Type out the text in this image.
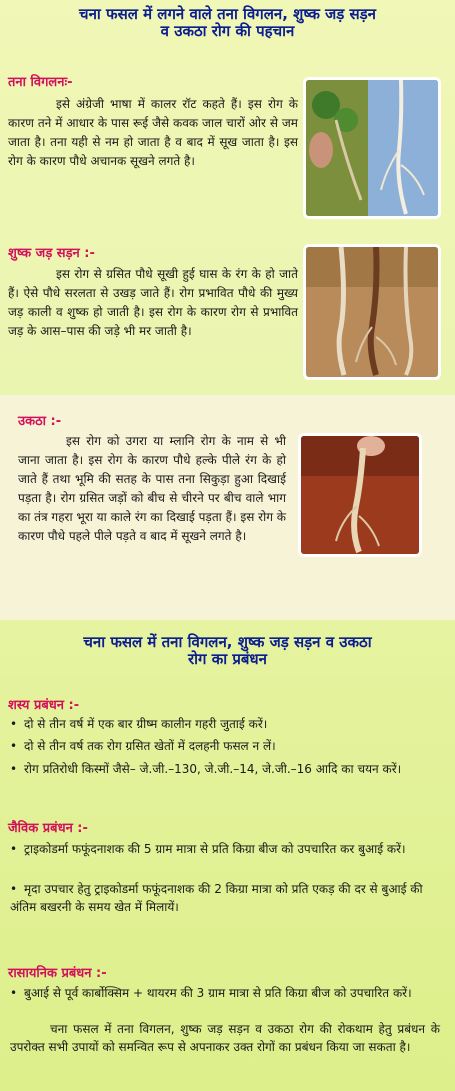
चना फसल में लगने वाले तना विगलन, शुष्क जड़ सड़न
व उकठा रोग की पहचान
तना विगलनः-
इसे अंग्रेजी भाषा में कालर रॉट कहते हैं। इस रोग के कारण तने में आधार के पास रूई जैसे कवक जाल चारों ओर से जम जाता है। तना यही से नम हो जाता है व बाद में सूख जाता है। इस रोग के कारण पौधे अचानक सूखने लगते है।
शुष्क जड़ सड़न :-
इस रोग से ग्रसित पौधे सूखी हुई घास के रंग के हो जाते हैं। ऐसे पौधे सरलता से उखड़ जाते हैं। रोग प्रभावित पौधे की मुख्य जड़ काली व शुष्क हो जाती है। इस रोग के कारण रोग से प्रभावित जड़ के आस–पास की जड़े भी मर जाती है।
उकठा :-
इस रोग को उगरा या म्लानि रोग के नाम से भी जाना जाता है। इस रोग के कारण पौधे हल्के पीले रंग के हो जाते हैं तथा भूमि की सतह के पास तना सिकुड़ा हुआ दिखाई पड़ता है। रोग ग्रसित जड़ों को बीच से चीरने पर बीच वाले भाग का तंत्र गहरा भूरा या काले रंग का दिखाई पड़ता हैं। इस रोग के कारण पौधे पहले पीले पड़ते व बाद में सूखने लगते है।
चना फसल में तना विगलन, शुष्क जड़ सड़न व उकठा
रोग का प्रबंधन
शस्य प्रबंधन :-
• दो से तीन वर्ष में एक बार ग्रीष्म कालीन गहरी जुताई करें।
• दो से तीन वर्ष तक रोग ग्रसित खेतों में दलहनी फसल न लें।
• रोग प्रतिरोधी किस्मों जैसे– जे.जी.–130, जे.जी.–14, जे.जी.–16 आदि का चयन करें।
जैविक प्रबंधन :-
• ट्राइकोडर्मा फफूंदनाशक की 5 ग्राम मात्रा से प्रति किग्रा बीज को उपचारित कर बुआई करें।
• मृदा उपचार हेतु ट्राइकोडर्मा फफूंदनाशक की 2 किग्रा मात्रा को प्रति एकड़ की दर से बुआई की अंतिम बखरनी के समय खेत में मिलायें।
रासायनिक प्रबंधन :-
• बुआई से पूर्व कार्बोक्सिम + थायरम की 3 ग्राम मात्रा से प्रति किग्रा बीज को उपचारित करें।
चना फसल में तना विगलन, शुष्क जड़ सड़न व उकठा रोग की रोकथाम हेतु प्रबंधन के उपरोक्त सभी उपायों को समन्वित रूप से अपनाकर उक्त रोगों का प्रबंधन किया जा सकता है।
